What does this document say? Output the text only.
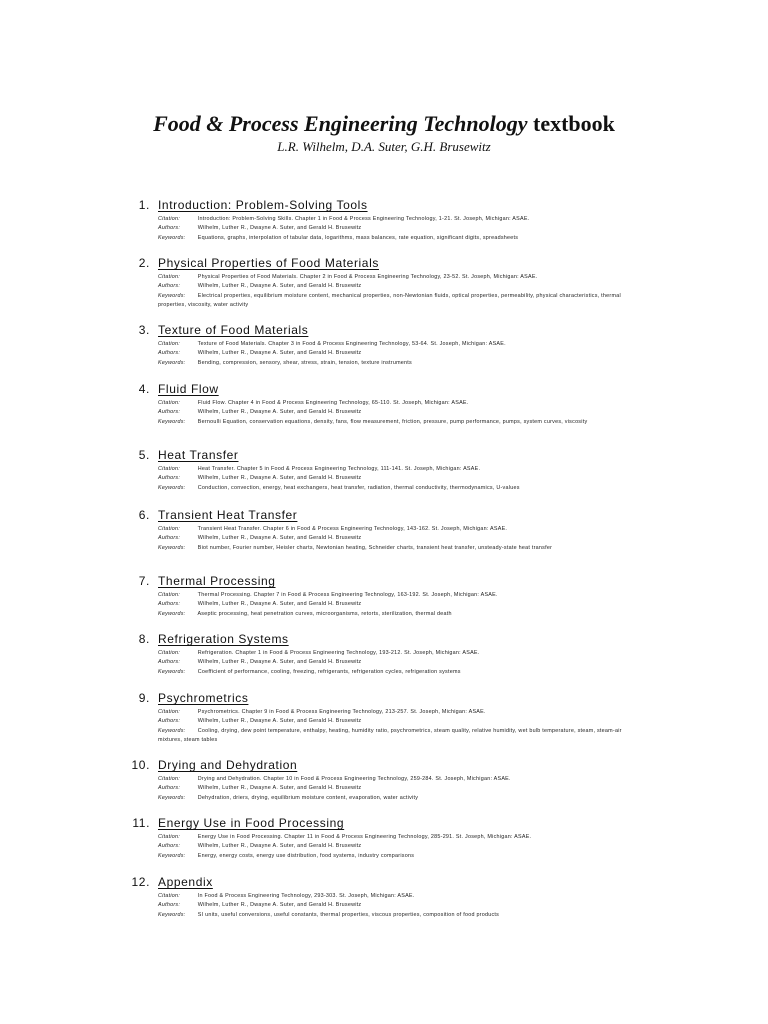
Food & Process Engineering Technology textbook
L.R. Wilhelm, D.A. Suter, G.H. Brusewitz
1. Introduction: Problem-Solving Tools
Citation:	Introduction: Problem-Solving Skills. Chapter 1 in Food & Process Engineering Technology, 1-21. St. Joseph, Michigan: ASAE.
Authors:	Wilhelm, Luther R., Dwayne A. Suter, and Gerald H. Brusewitz
Keywords: Equations, graphs, interpolation of tabular data, logarithms, mass balances, rate equation, significant digits, spreadsheets
2. Physical Properties of Food Materials
Citation:	Physical Properties of Food Materials. Chapter 2 in Food & Process Engineering Technology, 23-52. St. Joseph, Michigan: ASAE.
Authors:	Wilhelm, Luther R., Dwayne A. Suter, and Gerald H. Brusewitz
Keywords: Electrical properties, equilibrium moisture content, mechanical properties, non-Newtonian fluids, optical properties, permeability, physical characteristics, thermal properties, viscosity, water activity
3. Texture of Food Materials
Citation:	Texture of Food Materials. Chapter 3 in Food & Process Engineering Technology, 53-64. St. Joseph, Michigan: ASAE.
Authors:	Wilhelm, Luther R., Dwayne A. Suter, and Gerald H. Brusewitz
Keywords: Bending, compression, sensory, shear, stress, strain, tension, texture instruments
4. Fluid Flow
Citation:	Fluid Flow. Chapter 4 in Food & Process Engineering Technology, 65-110. St. Joseph, Michigan: ASAE.
Authors:	Wilhelm, Luther R., Dwayne A. Suter, and Gerald H. Brusewitz
Keywords: Bernoulli Equation, conservation equations, density, fans, flow measurement, friction, pressure, pump performance, pumps, system curves, viscosity
5. Heat Transfer
Citation:	Heat Transfer. Chapter 5 in Food & Process Engineering Technology, 111-141. St. Joseph, Michigan: ASAE.
Authors:	Wilhelm, Luther R., Dwayne A. Suter, and Gerald H. Brusewitz
Keywords: Conduction, convection, energy, heat exchangers, heat transfer, radiation, thermal conductivity, thermodynamics, U-values
6. Transient Heat Transfer
Citation:	Transient Heat Transfer. Chapter 6 in Food & Process Engineering Technology, 143-162. St. Joseph, Michigan: ASAE.
Authors:	Wilhelm, Luther R., Dwayne A. Suter, and Gerald H. Brusewitz
Keywords: Biot number, Fourier number, Heisler charts, Newtonian heating, Schneider charts, transient heat transfer, unsteady-state heat transfer
7. Thermal Processing
Citation:	Thermal Processing. Chapter 7 in Food & Process Engineering Technology, 163-192. St. Joseph, Michigan: ASAE.
Authors:	Wilhelm, Luther R., Dwayne A. Suter, and Gerald H. Brusewitz
Keywords: Aseptic processing, heat penetration curves, microorganisms, retorts, sterilization, thermal death
8. Refrigeration Systems
Citation:	Refrigeration. Chapter 1 in Food & Process Engineering Technology, 193-212. St. Joseph, Michigan: ASAE.
Authors:	Wilhelm, Luther R., Dwayne A. Suter, and Gerald H. Brusewitz
Keywords: Coefficient of performance, cooling, freezing, refrigerants, refrigeration cycles, refrigeration systems
9. Psychrometrics
Citation:	Psychrometrics. Chapter 9 in Food & Process Engineering Technology, 213-257. St. Joseph, Michigan: ASAE.
Authors:	Wilhelm, Luther R., Dwayne A. Suter, and Gerald H. Brusewitz
Keywords: Cooling, drying, dew point temperature, enthalpy, heating, humidity ratio, psychrometrics, steam quality, relative humidity, wet bulb temperature, steam, steam-air mixtures, steam tables
10. Drying and Dehydration
Citation:	Drying and Dehydration. Chapter 10 in Food & Process Engineering Technology, 259-284. St. Joseph, Michigan: ASAE.
Authors:	Wilhelm, Luther R., Dwayne A. Suter, and Gerald H. Brusewitz
Keywords: Dehydration, driers, drying, equilibrium moisture content, evaporation, water activity
11. Energy Use in Food Processing
Citation:	Energy Use in Food Processing. Chapter 11 in Food & Process Engineering Technology, 285-291. St. Joseph, Michigan: ASAE.
Authors:	Wilhelm, Luther R., Dwayne A. Suter, and Gerald H. Brusewitz
Keywords: Energy, energy costs, energy use distribution, food systems, industry comparisons
12. Appendix
Citation:	In Food & Process Engineering Technology, 293-303. St. Joseph, Michigan: ASAE.
Authors:	Wilhelm, Luther R., Dwayne A. Suter, and Gerald H. Brusewitz
Keywords: SI units, useful conversions, useful constants, thermal properties, viscous properties, composition of food products
